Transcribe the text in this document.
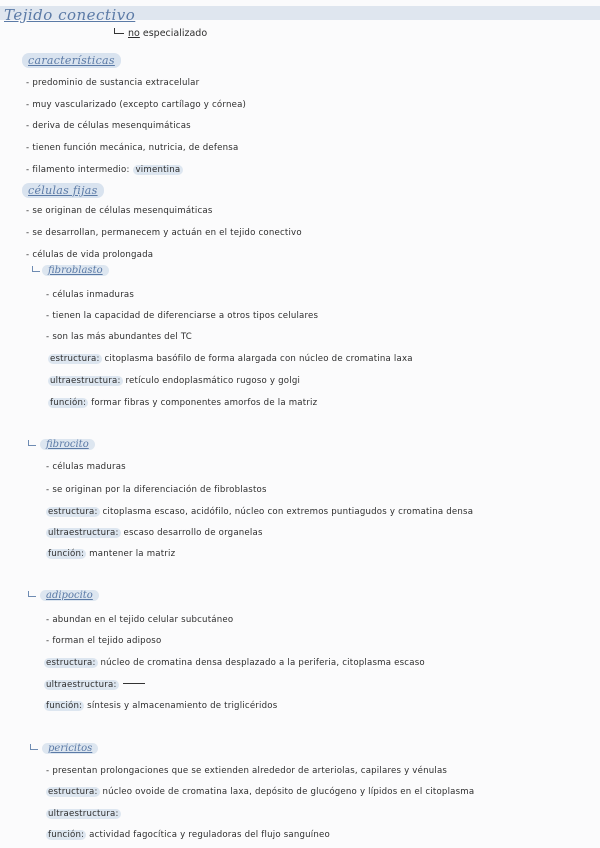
Tejido conectivo
no especializado
características
- predominio de sustancia extracelular
- muy vascularizado (excepto cartílago y córnea)
- deriva de células mesenquimáticas
- tienen función mecánica, nutricia, de defensa
- filamento intermedio: vimentina
células fijas
- se originan de células mesenquimáticas
- se desarrollan, permanecem y actuán en el tejido conectivo
- células de vida prolongada
fibroblasto
- células inmaduras
- tienen la capacidad de diferenciarse a otros tipos celulares
- son las más abundantes del TC
estructura: citoplasma basófilo de forma alargada con núcleo de cromatina laxa
ultraestructura: retículo endoplasmático rugoso y golgi
función: formar fibras y componentes amorfos de la matriz
fibrocito
- células maduras
- se originan por la diferenciación de fibroblastos
estructura: citoplasma escaso, acidófilo, núcleo con extremos puntiagudos y cromatina densa
ultraestructura: escaso desarrollo de organelas
función: mantener la matriz
adipocito
- abundan en el tejido celular subcutáneo
- forman el tejido adiposo
estructura: núcleo de cromatina densa desplazado a la periferia, citoplasma escaso
ultraestructura:
función: síntesis y almacenamiento de triglicéridos
pericitos
- presentan prolongaciones que se extienden alrededor de arteriolas, capilares y vénulas
estructura: núcleo ovoide de cromatina laxa, depósito de glucógeno y lípidos en el citoplasma
ultraestructura:
función: actividad fagocítica y reguladoras del flujo sanguíneo
